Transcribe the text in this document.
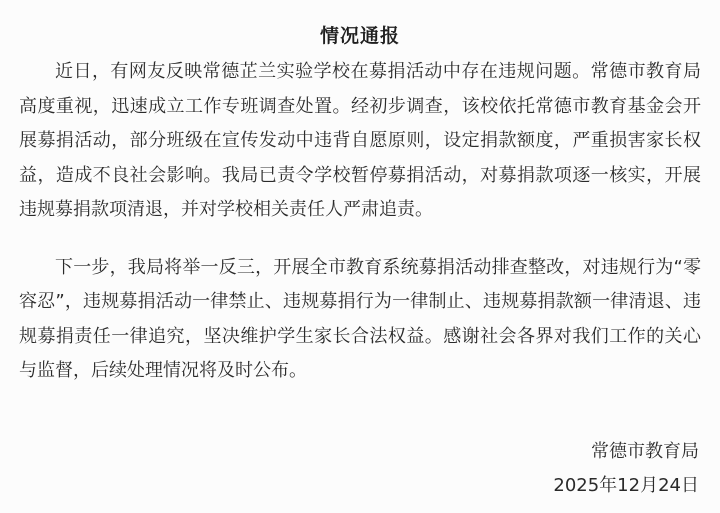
情况通报

近日，有网友反映常德芷兰实验学校在募捐活动中存在违规问题。常德市教育局高度重视，迅速成立工作专班调查处置。经初步调查，该校依托常德市教育基金会开展募捐活动，部分班级在宣传发动中违背自愿原则，设定捐款额度，严重损害家长权益，造成不良社会影响。我局已责令学校暂停募捐活动，对募捐款项逐一核实，开展违规募捐款项清退，并对学校相关责任人严肃追责。

下一步，我局将举一反三，开展全市教育系统募捐活动排查整改，对违规行为“零容忍”，违规募捐活动一律禁止、违规募捐行为一律制止、违规募捐款额一律清退、违规募捐责任一律追究，坚决维护学生家长合法权益。感谢社会各界对我们工作的关心与监督，后续处理情况将及时公布。

常德市教育局
2025年12月24日
